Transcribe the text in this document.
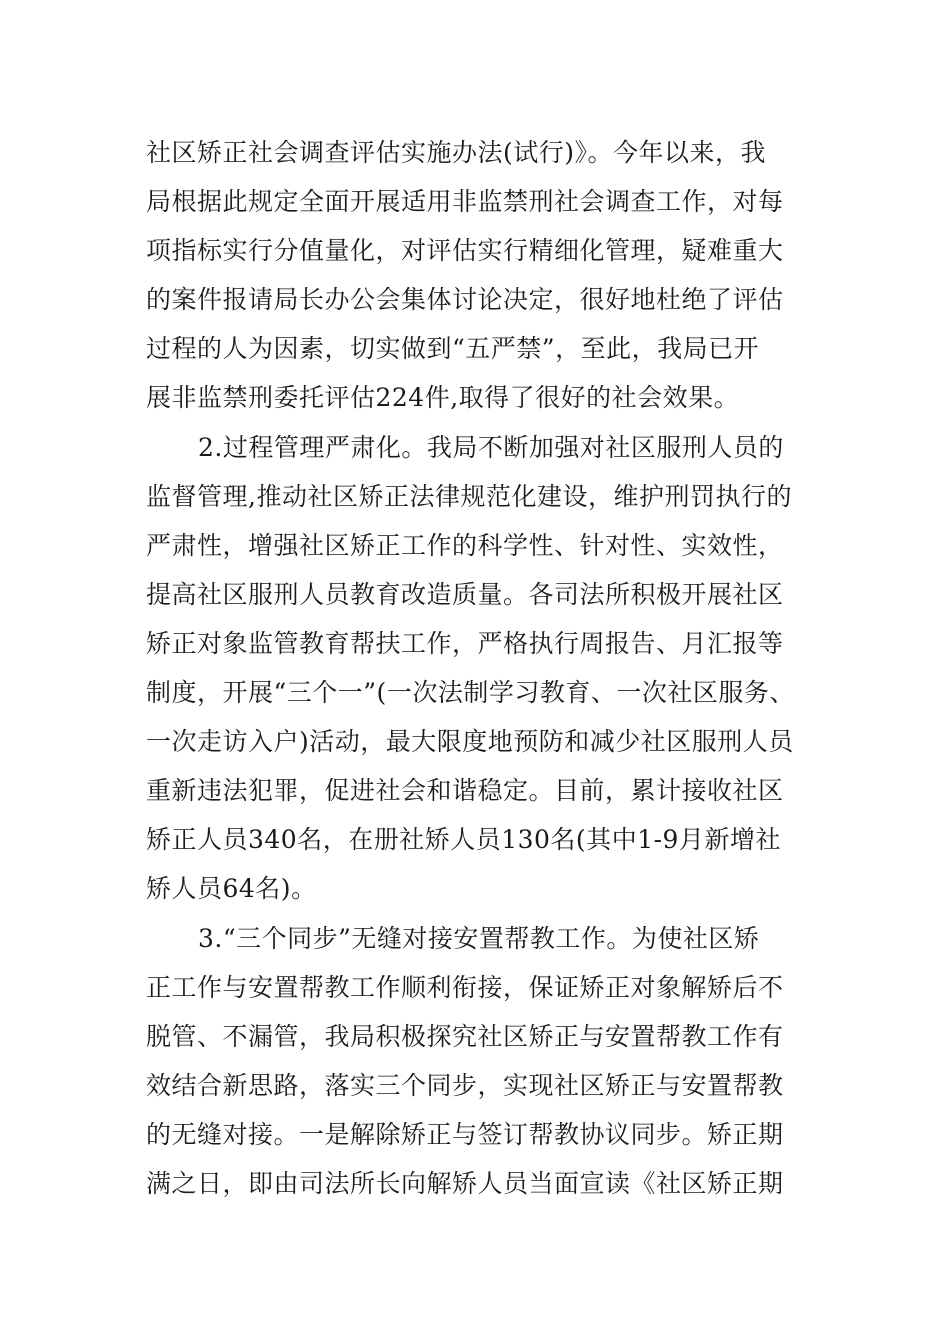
社区矫正社会调查评估实施办法(试行)》。今年以来，我
局根据此规定全面开展适用非监禁刑社会调查工作，对每
项指标实行分值量化，对评估实行精细化管理，疑难重大
的案件报请局长办公会集体讨论决定，很好地杜绝了评估
过程的人为因素，切实做到“五严禁”，至此，我局已开
展非监禁刑委托评估224件,取得了很好的社会效果。
2.过程管理严肃化。我局不断加强对社区服刑人员的
监督管理,推动社区矫正法律规范化建设，维护刑罚执行的
严肃性，增强社区矫正工作的科学性、针对性、实效性，
提高社区服刑人员教育改造质量。各司法所积极开展社区
矫正对象监管教育帮扶工作，严格执行周报告、月汇报等
制度，开展“三个一”(一次法制学习教育、一次社区服务、
一次走访入户)活动，最大限度地预防和减少社区服刑人员
重新违法犯罪，促进社会和谐稳定。目前，累计接收社区
矫正人员340名，在册社矫人员130名(其中1-9月新增社
矫人员64名)。
3.“三个同步”无缝对接安置帮教工作。为使社区矫
正工作与安置帮教工作顺利衔接，保证矫正对象解矫后不
脱管、不漏管，我局积极探究社区矫正与安置帮教工作有
效结合新思路，落实三个同步，实现社区矫正与安置帮教
的无缝对接。一是解除矫正与签订帮教协议同步。矫正期
满之日，即由司法所长向解矫人员当面宣读《社区矫正期
